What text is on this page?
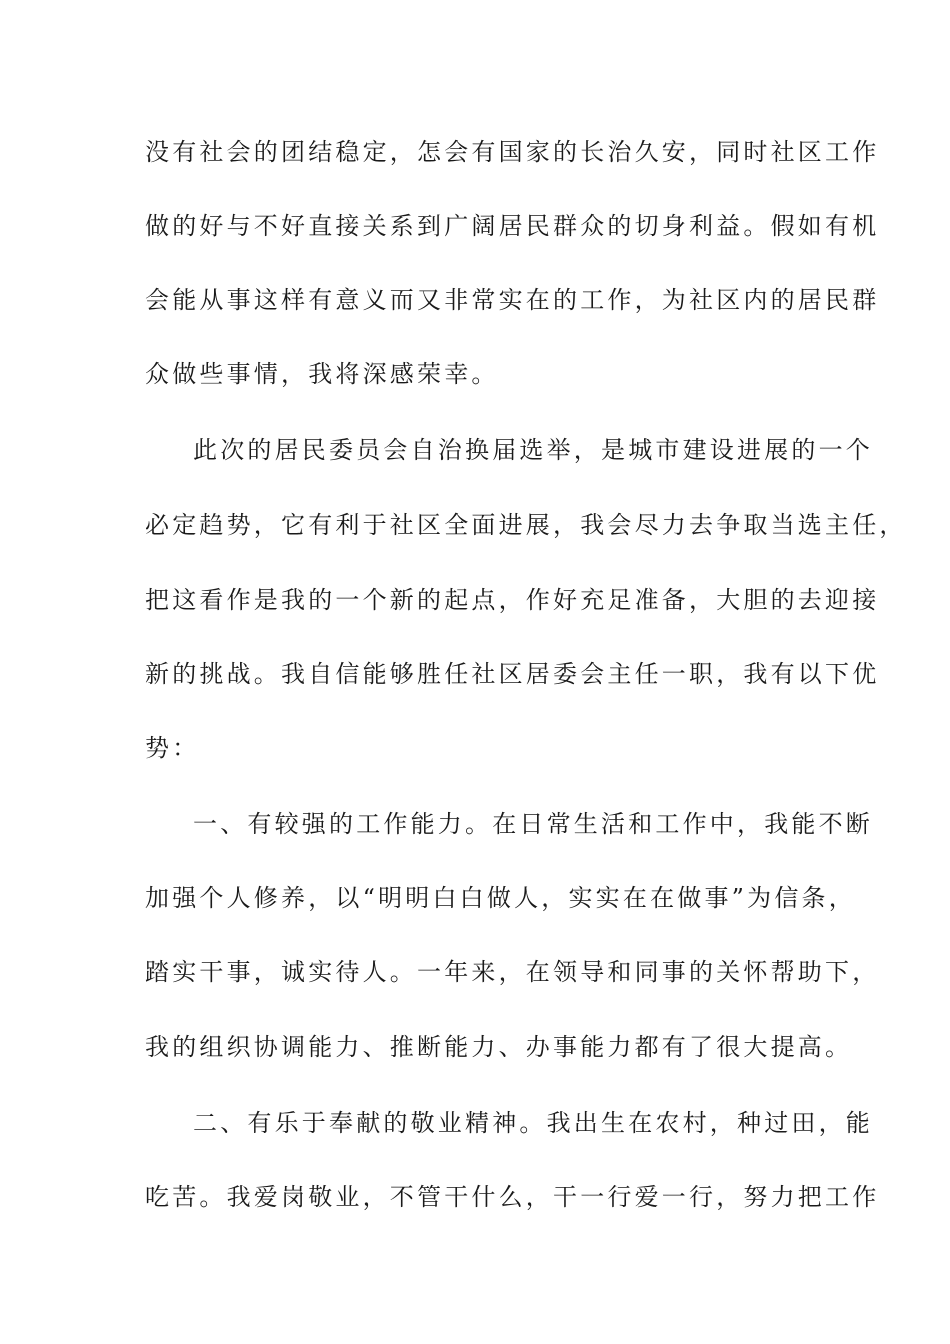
没有社会的团结稳定，怎会有国家的长治久安，同时社区工作
做的好与不好直接关系到广阔居民群众的切身利益。假如有机
会能从事这样有意义而又非常实在的工作，为社区内的居民群
众做些事情，我将深感荣幸。
此次的居民委员会自治换届选举，是城市建设进展的一个
必定趋势，它有利于社区全面进展，我会尽力去争取当选主任，
把这看作是我的一个新的起点，作好充足准备，大胆的去迎接
新的挑战。我自信能够胜任社区居委会主任一职，我有以下优
势：
一、有较强的工作能力。在日常生活和工作中，我能不断
加强个人修养，以“明明白白做人，实实在在做事”为信条，
踏实干事，诚实待人。一年来，在领导和同事的关怀帮助下，
我的组织协调能力、推断能力、办事能力都有了很大提高。
二、有乐于奉献的敬业精神。我出生在农村，种过田，能
吃苦。我爱岗敬业，不管干什么，干一行爱一行，努力把工作
